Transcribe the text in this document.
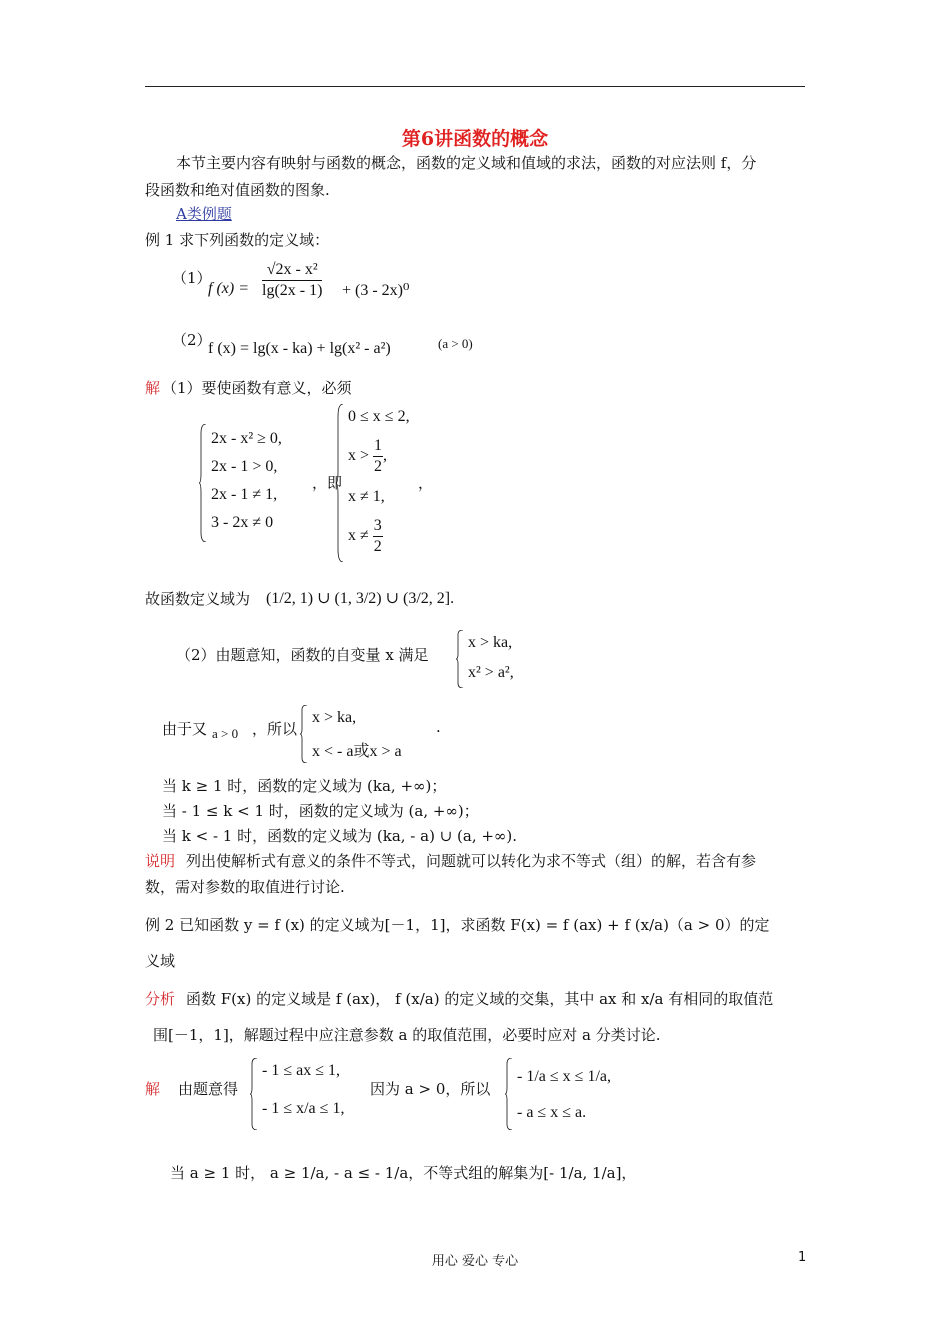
第6讲函数的概念
本节主要内容有映射与函数的概念，函数的定义域和值域的求法，函数的对应法则 f，分
段函数和绝对值函数的图象.
A类例题
例 1 求下列函数的定义域：
（1）
f $(x) = \frac{\text{√2x - x²}}{\lg(2x - 1)} + (3 - 2x)^0$
（2）
f (x) = lg(x - ka) + lg(x² - a²)	(a > 0)
解 （1）要使函数有意义，必须
2x - x² ≥ 0,
2x - 1 > 0,
2x - 1 ≠ 1,
3 - 2x ≠ 0
，即
0 ≤ x ≤ 2,
$x > \frac{1}{2}$ ,
x ≠ 1,
$x \ne \frac{3}{2}$
，
故函数定义域为 (1/2, 1) ∪ (1, 3/2) ∪ (3/2, 2].
（2）由题意知，函数的自变量 x 满足
x > ka,
x² > a²,
由于又 a > 0 ，所以
x > ka,
x < - a或x > a
.
当 k ≥ 1 时，函数的定义域为 (ka, +∞)；
当 - 1 ≤ k < 1 时，函数的定义域为 (a, +∞)；
当 k < - 1 时，函数的定义域为 (ka, - a) ∪ (a, +∞).
说明 列出使解析式有意义的条件不等式，问题就可以转化为求不等式（组）的解，若含有参
数，需对参数的取值进行讨论.
例 2 已知函数 y = f (x) 的定义域为[－1，1]，求函数 F(x) = f (ax) + f (x/a)（a > 0）的定
义域
分析 函数 F(x) 的定义域是 f (ax)， f (x/a) 的定义域的交集，其中 ax 和 x/a 有相同的取值范
围[－1，1]，解题过程中应注意参数 a 的取值范围，必要时应对 a 分类讨论.
解 由题意得
- 1 ≤ ax ≤ 1,
- 1 ≤ x/a ≤ 1,
因为 a > 0，所以
- 1/a ≤ x ≤ 1/a,
- a ≤ x ≤ a.
当 a ≥ 1 时， a ≥ 1/a, - a ≤ - 1/a，不等式组的解集为[- 1/a, 1/a]，
用心 爱心 专心	1
